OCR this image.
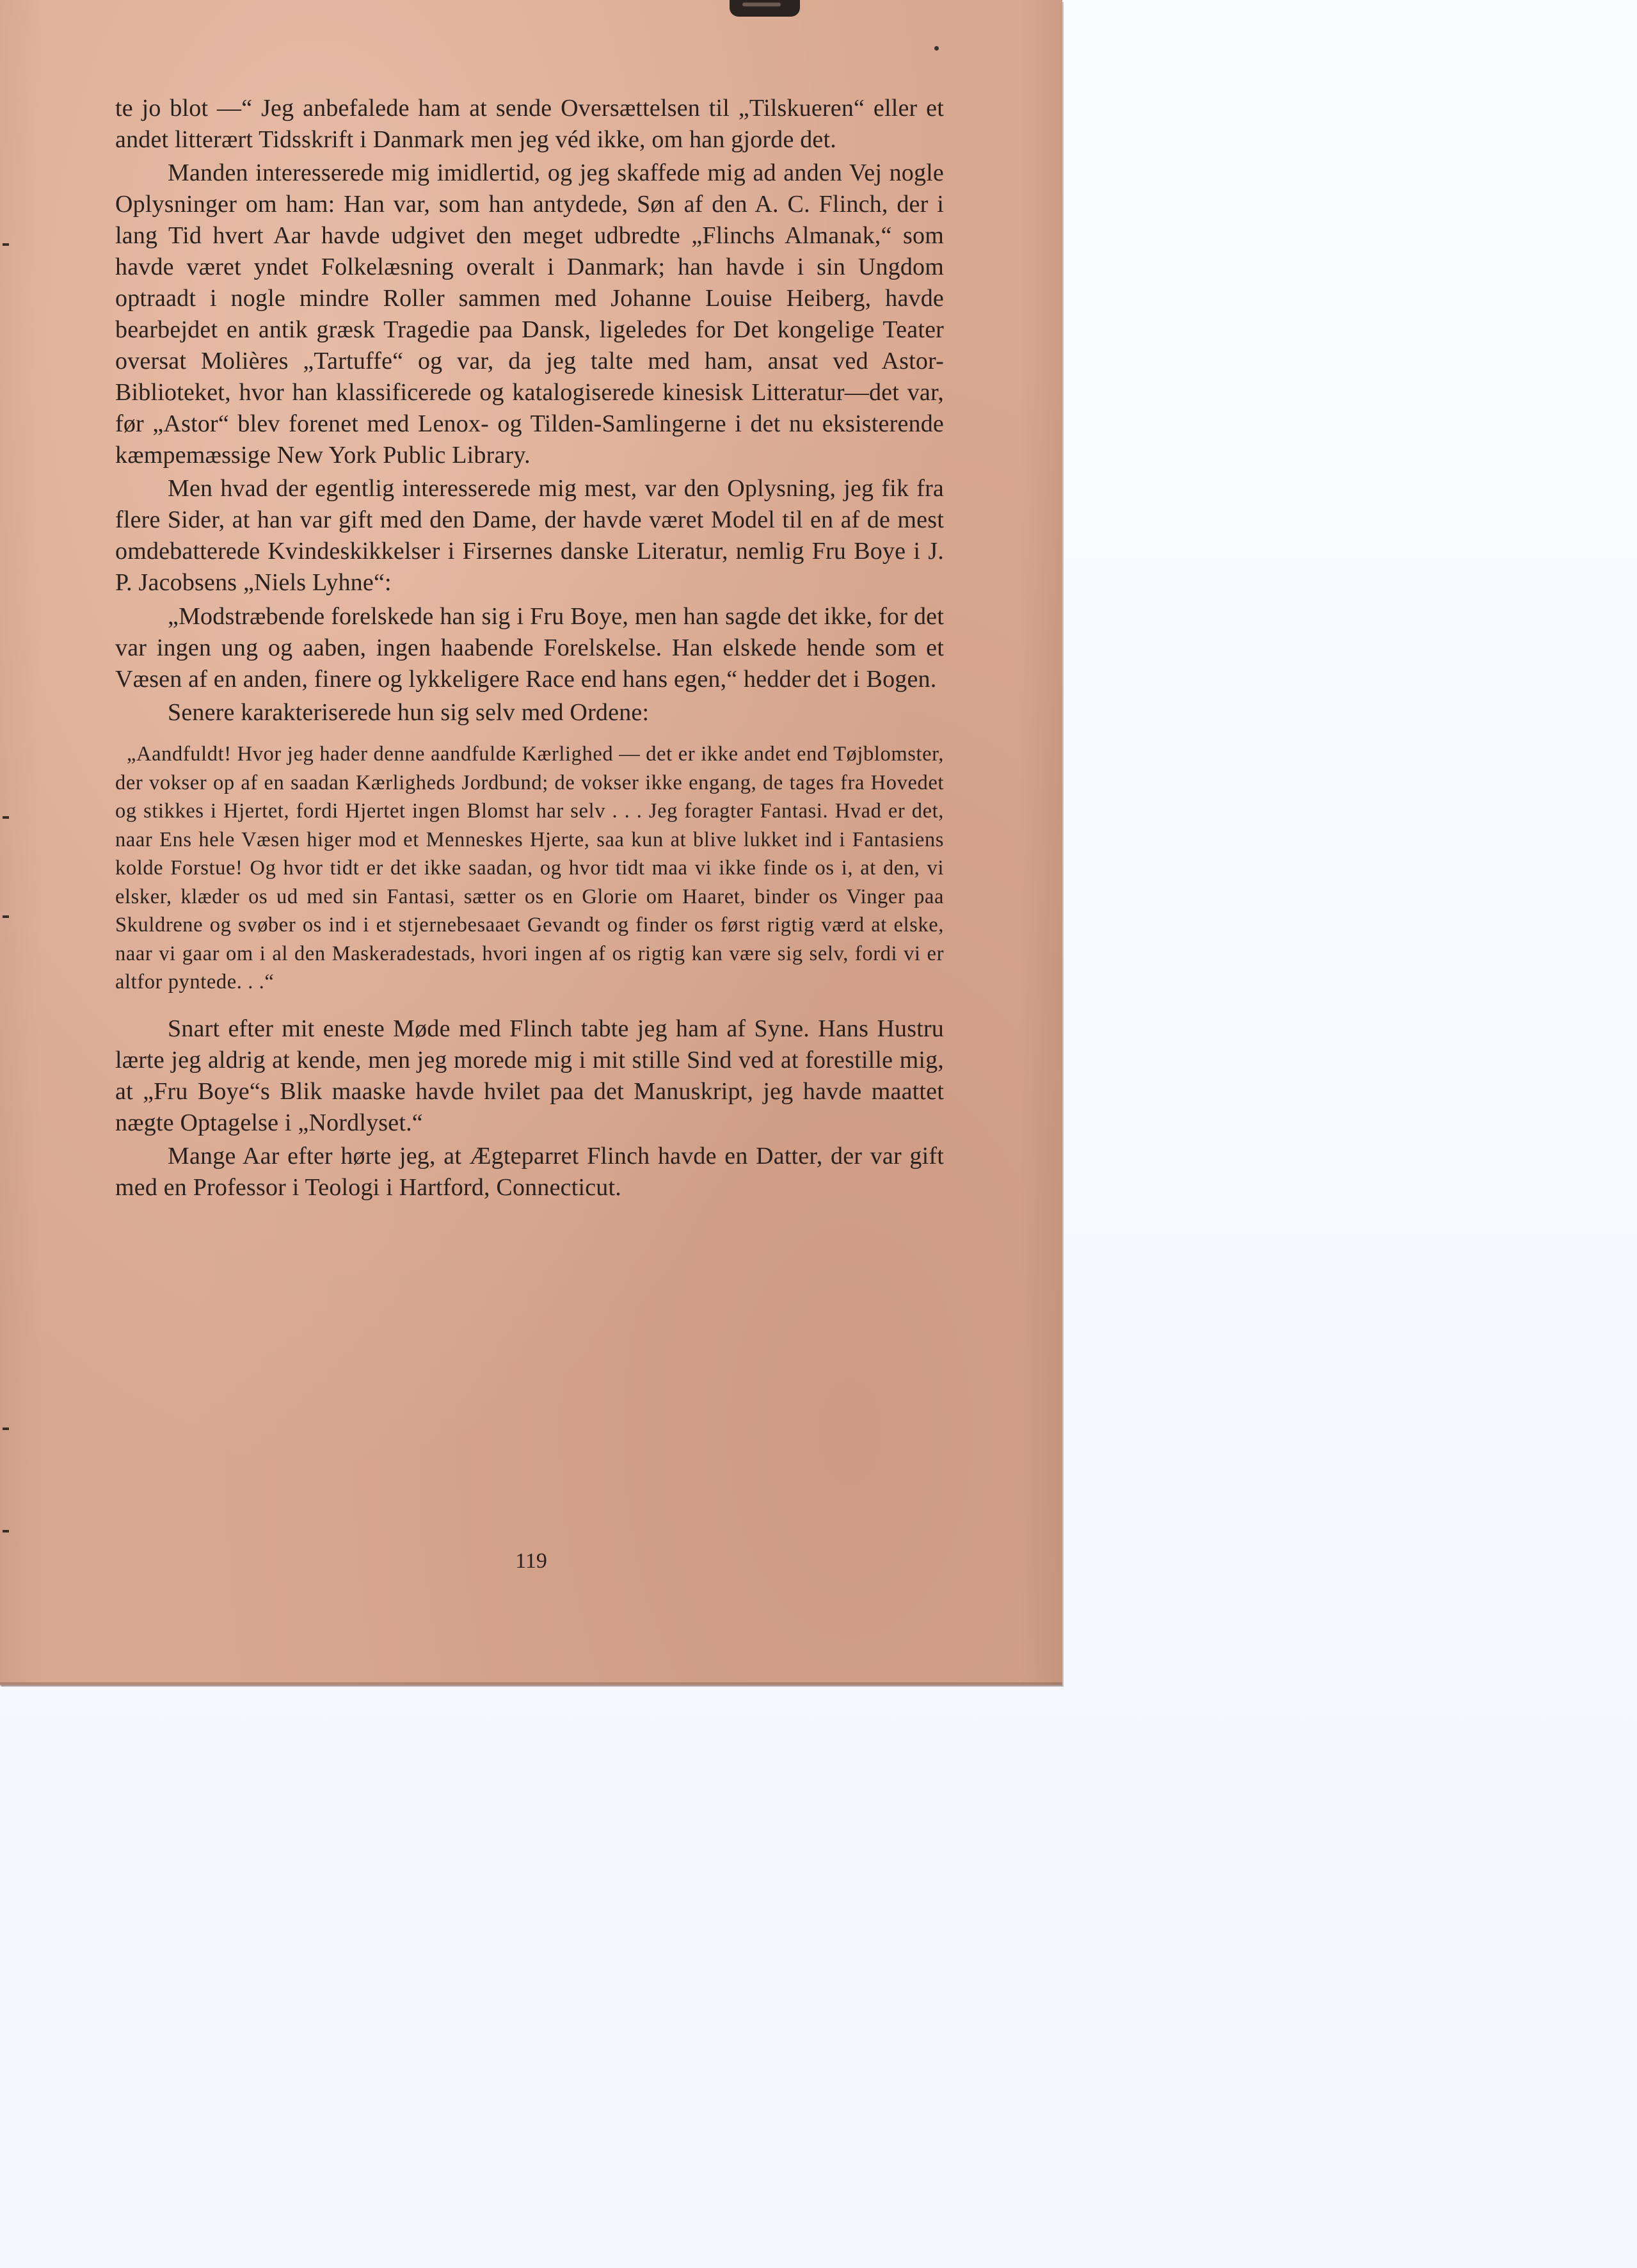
te jo blot —“ Jeg anbefalede ham at sende Oversættelsen til „Tilskueren“ eller et andet litterært Tidsskrift i Danmark men jeg véd ikke, om han gjorde det.

Manden interesserede mig imidlertid, og jeg skaffede mig ad anden Vej nogle Oplysninger om ham: Han var, som han antydede, Søn af den A. C. Flinch, der i lang Tid hvert Aar havde udgivet den meget udbredte „Flinchs Almanak,“ som havde været yndet Folkelæsning overalt i Danmark; han havde i sin Ungdom optraadt i nogle mindre Roller sammen med Johanne Louise Heiberg, havde bearbejdet en antik græsk Tragedie paa Dansk, ligeledes for Det kongelige Teater oversat Molières „Tartuffe“ og var, da jeg talte med ham, ansat ved Astor-Biblioteket, hvor han klassificerede og katalogiserede kinesisk Litteratur—det var, før „Astor“ blev forenet med Lenox- og Tilden-Samlingerne i det nu eksisterende kæmpemæssige New York Public Library.

Men hvad der egentlig interesserede mig mest, var den Oplysning, jeg fik fra flere Sider, at han var gift med den Dame, der havde været Model til en af de mest omdebatterede Kvindeskikkelser i Firsernes danske Literatur, nemlig Fru Boye i J. P. Jacobsens „Niels Lyhne“:

„Modstræbende forelskede han sig i Fru Boye, men han sagde det ikke, for det var ingen ung og aaben, ingen haabende Forelskelse. Han elskede hende som et Væsen af en anden, finere og lykkeligere Race end hans egen,“ hedder det i Bogen.

Senere karakteriserede hun sig selv med Ordene:

„Aandfuldt! Hvor jeg hader denne aandfulde Kærlighed — det er ikke andet end Tøjblomster, der vokser op af en saadan Kærligheds Jordbund; de vokser ikke engang, de tages fra Hovedet og stikkes i Hjertet, fordi Hjertet ingen Blomst har selv . . . Jeg foragter Fantasi. Hvad er det, naar Ens hele Væsen higer mod et Menneskes Hjerte, saa kun at blive lukket ind i Fantasiens kolde Forstue! Og hvor tidt er det ikke saadan, og hvor tidt maa vi ikke finde os i, at den, vi elsker, klæder os ud med sin Fantasi, sætter os en Glorie om Haaret, binder os Vinger paa Skuldrene og svøber os ind i et stjernebesaaet Gevandt og finder os først rigtig værd at elske, naar vi gaar om i al den Maskeradestads, hvori ingen af os rigtig kan være sig selv, fordi vi er altfor pyntede. . .“

Snart efter mit eneste Møde med Flinch tabte jeg ham af Syne. Hans Hustru lærte jeg aldrig at kende, men jeg morede mig i mit stille Sind ved at forestille mig, at „Fru Boye“s Blik maaske havde hvilet paa det Manuskript, jeg havde maattet nægte Optagelse i „Nordlyset.“

Mange Aar efter hørte jeg, at Ægteparret Flinch havde en Datter, der var gift med en Professor i Teologi i Hartford, Connecticut.

119
